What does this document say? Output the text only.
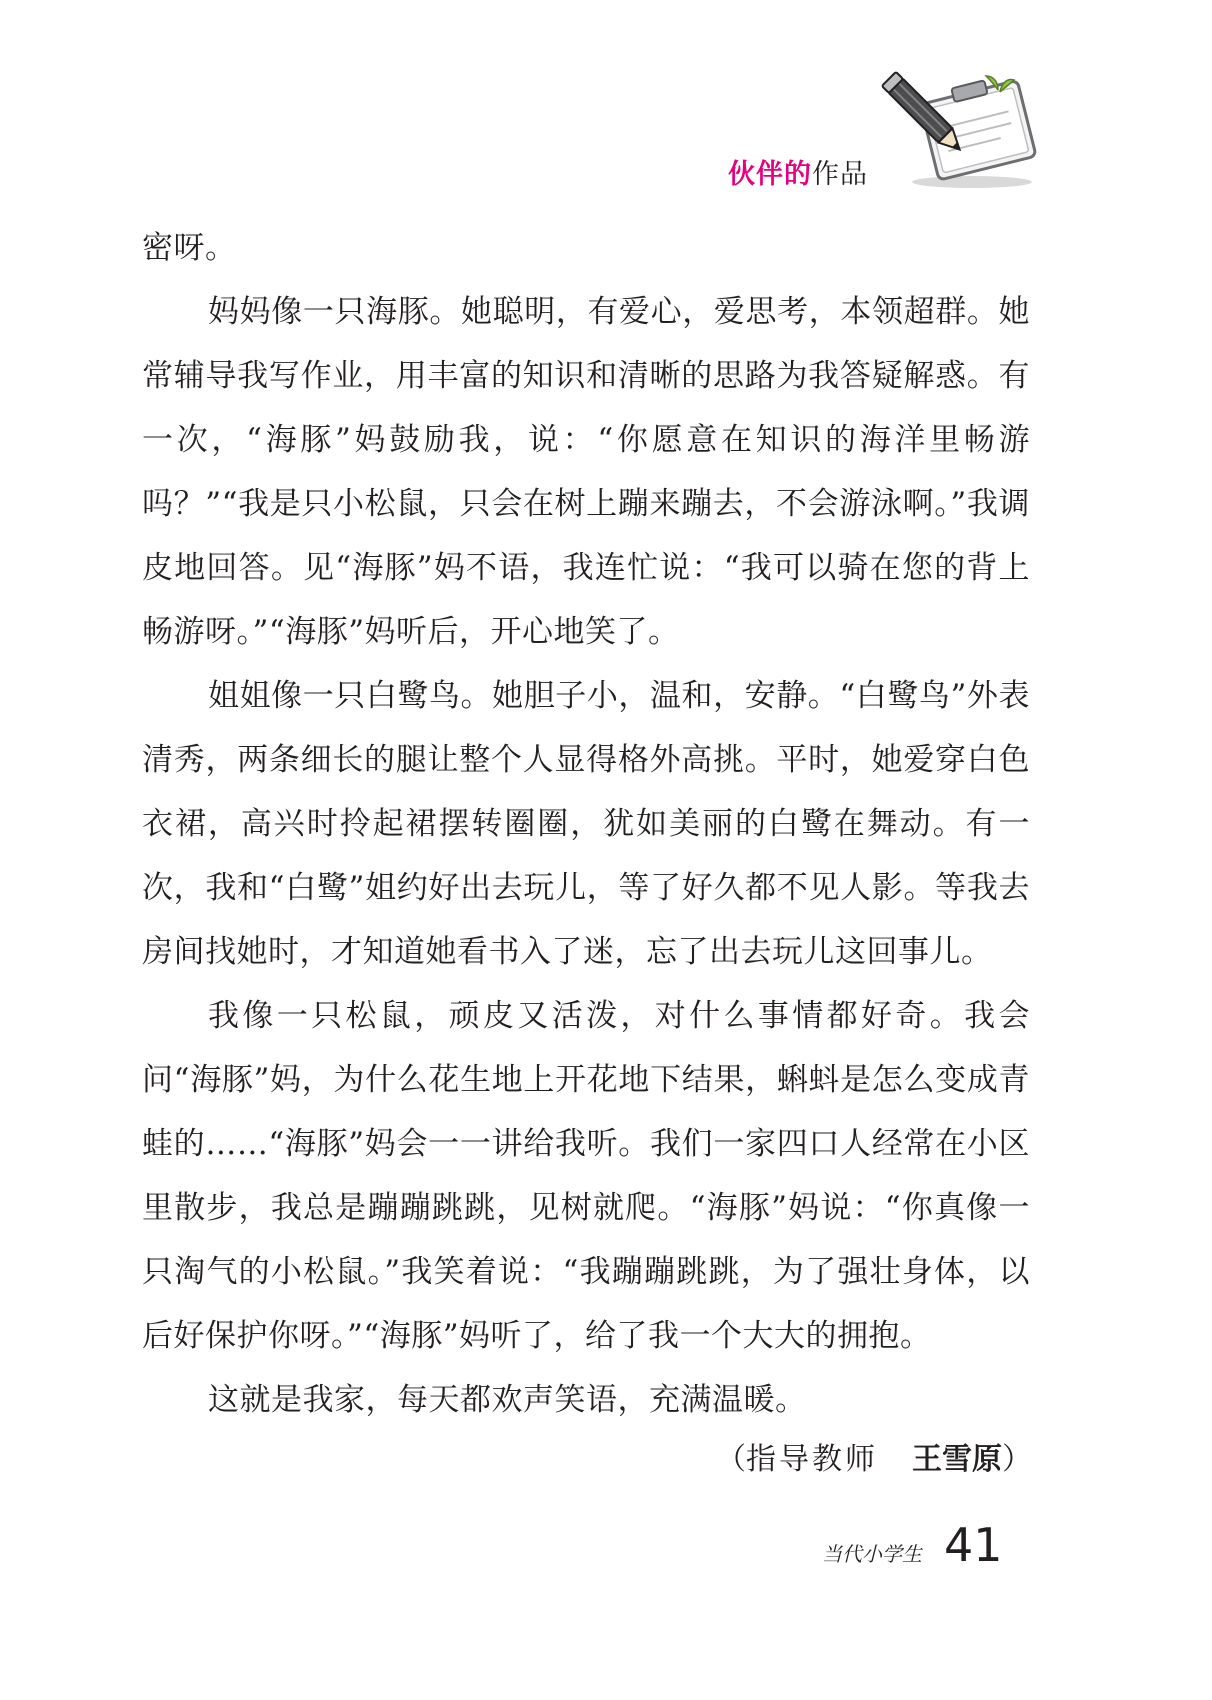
伙伴的作品

密呀。

妈妈像一只海豚。她聪明，有爱心，爱思考，本领超群。她常辅导我写作业，用丰富的知识和清晰的思路为我答疑解惑。有一次，“海豚”妈鼓励我，说：“你愿意在知识的海洋里畅游吗？”“我是只小松鼠，只会在树上蹦来蹦去，不会游泳啊。”我调皮地回答。见“海豚”妈不语，我连忙说：“我可以骑在您的背上畅游呀。”“海豚”妈听后，开心地笑了。

姐姐像一只白鹭鸟。她胆子小，温和，安静。“白鹭鸟”外表清秀，两条细长的腿让整个人显得格外高挑。平时，她爱穿白色衣裙，高兴时拎起裙摆转圈圈，犹如美丽的白鹭在舞动。有一次，我和“白鹭”姐约好出去玩儿，等了好久都不见人影。等我去房间找她时，才知道她看书入了迷，忘了出去玩儿这回事儿。

我像一只松鼠，顽皮又活泼，对什么事情都好奇。我会问“海豚”妈，为什么花生地上开花地下结果，蝌蚪是怎么变成青蛙的……“海豚”妈会一一讲给我听。我们一家四口人经常在小区里散步，我总是蹦蹦跳跳，见树就爬。“海豚”妈说：“你真像一只淘气的小松鼠。”我笑着说：“我蹦蹦跳跳，为了强壮身体，以后好保护你呀。”“海豚”妈听了，给了我一个大大的拥抱。

这就是我家，每天都欢声笑语，充满温暖。

（指导教师 王雪原）
当代小学生 41
